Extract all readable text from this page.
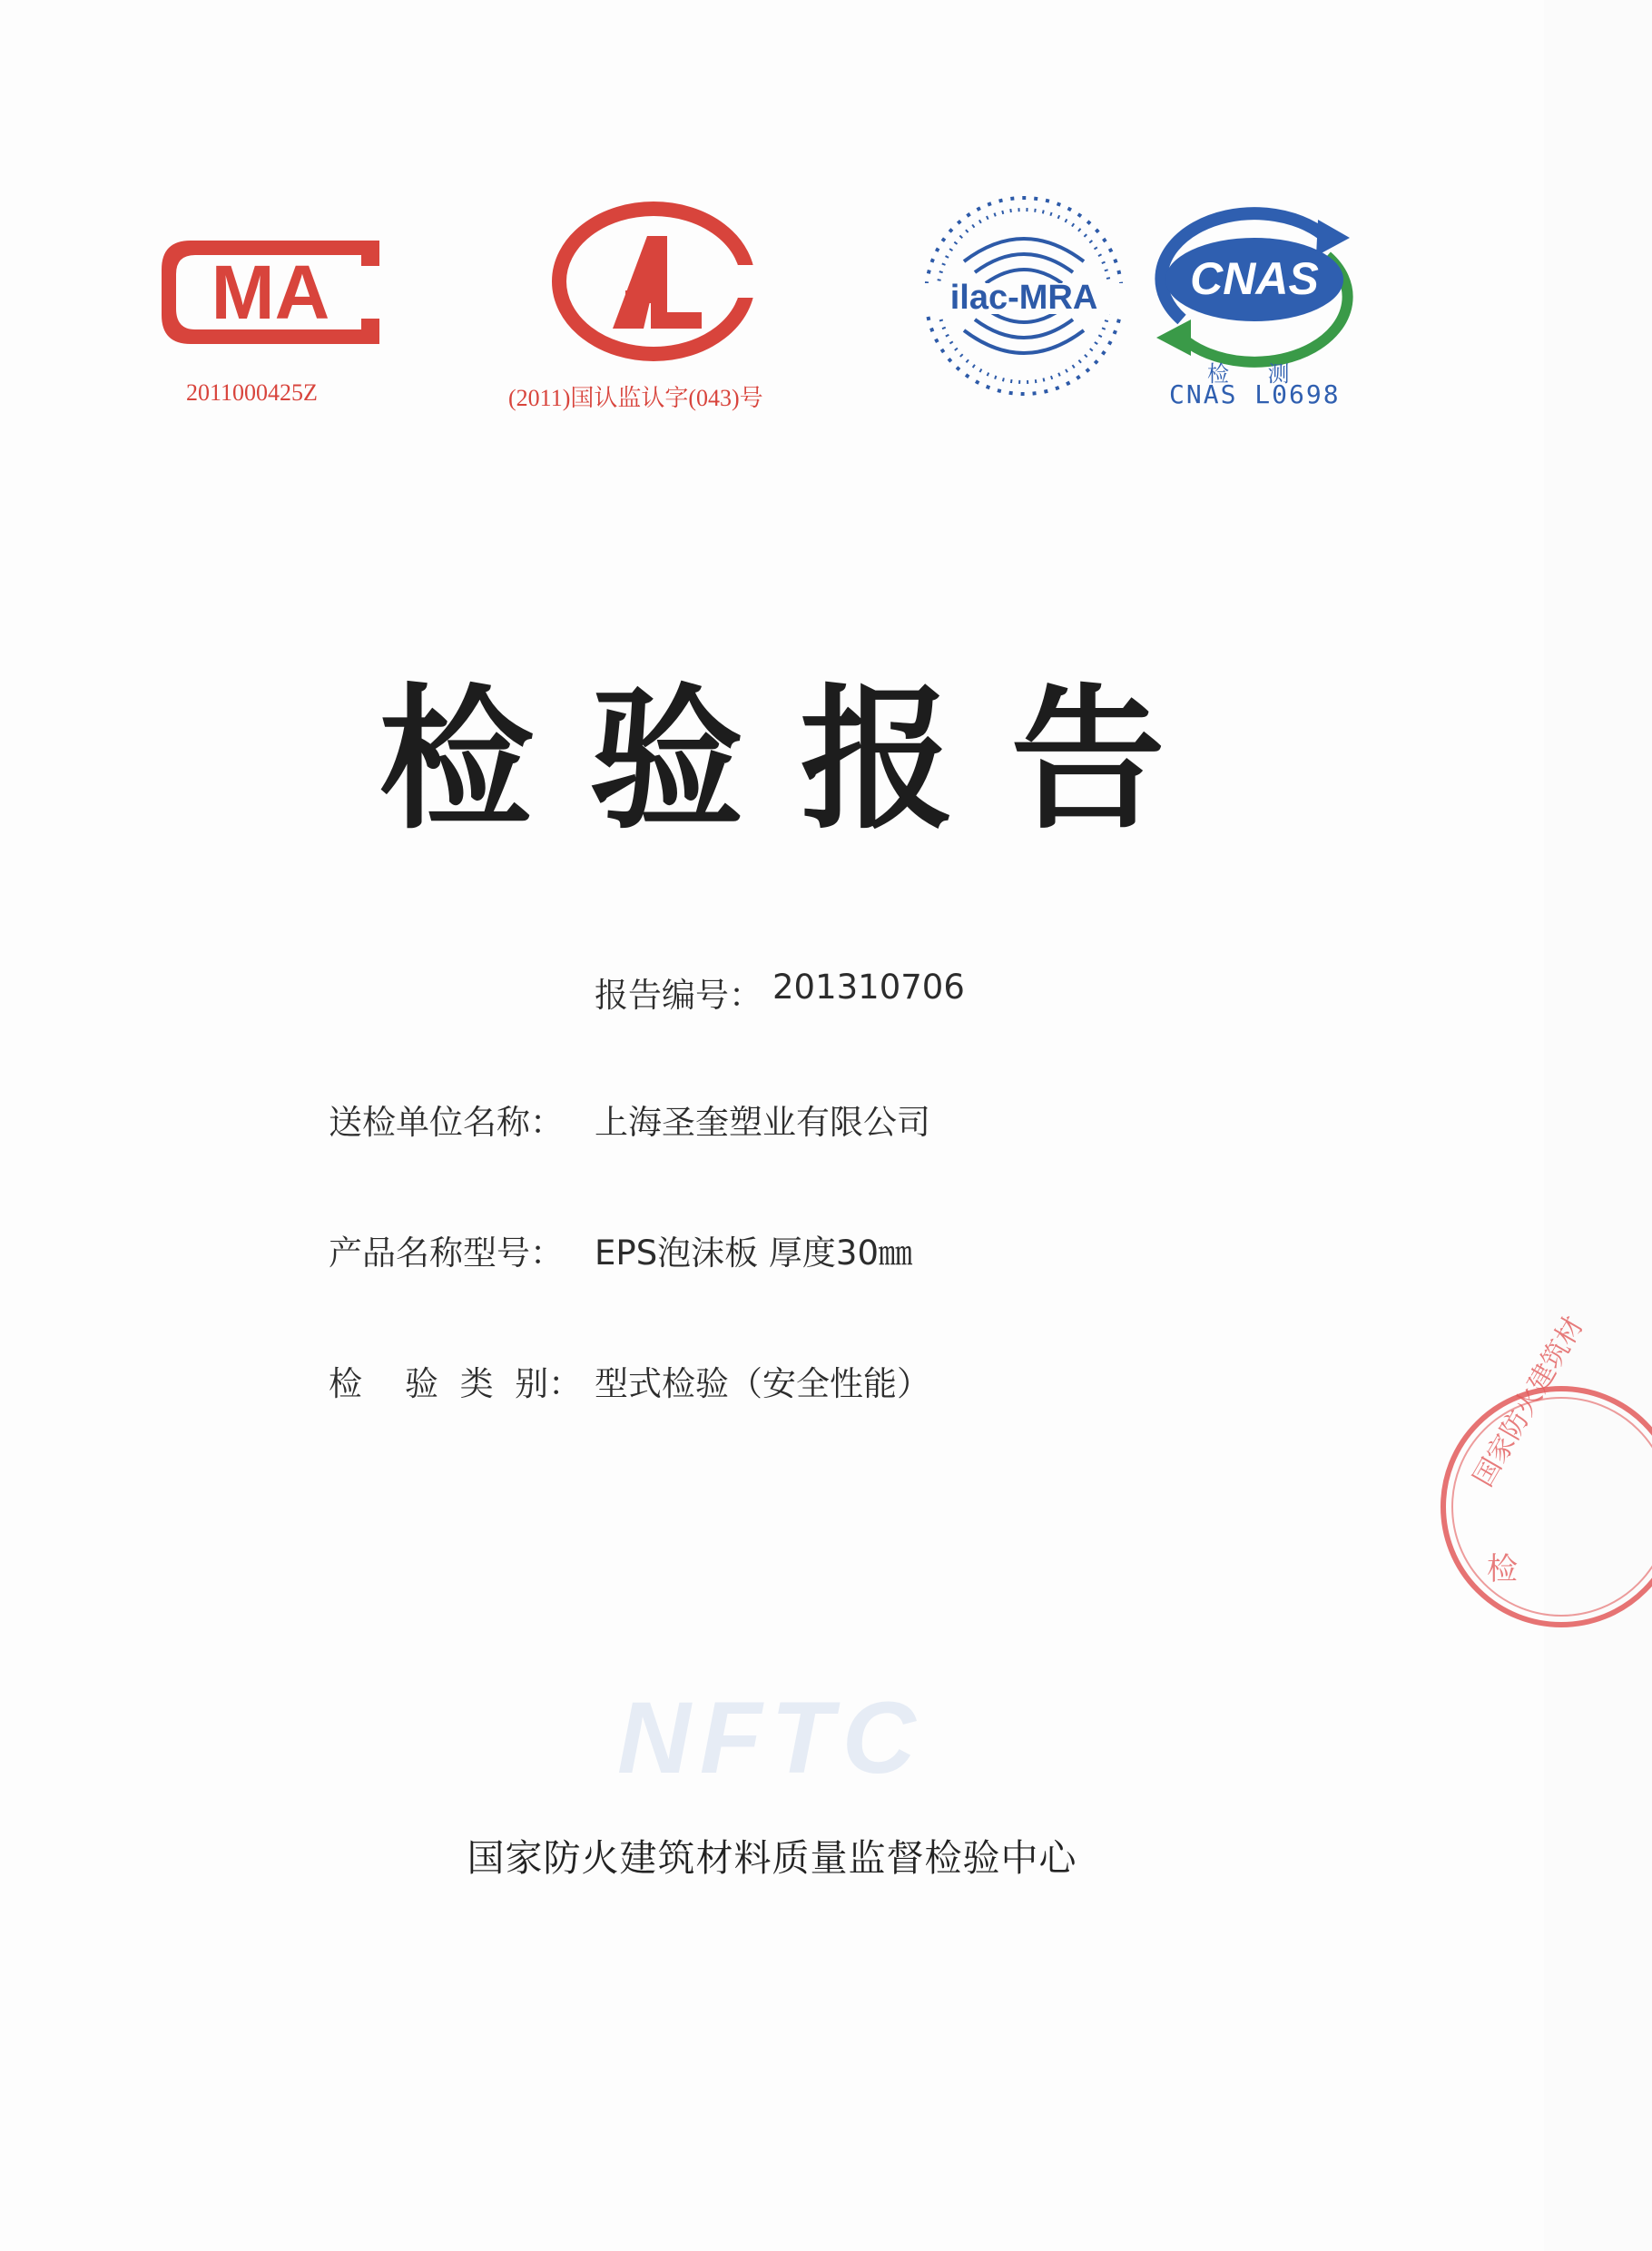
MA
2011000425Z	(2011)国认监认字(043)号
ilac-MRA CNAS
检 测
CNAS L0698
检验报告
报告编号： 201310706
送检单位名称： 上海圣奎塑业有限公司
产品名称型号： EPS泡沫板 厚度30㎜
检    验  类  别： 型式检验（安全性能）
NFTC
国家防火建筑材
检
国家防火建筑材料质量监督检验中心
